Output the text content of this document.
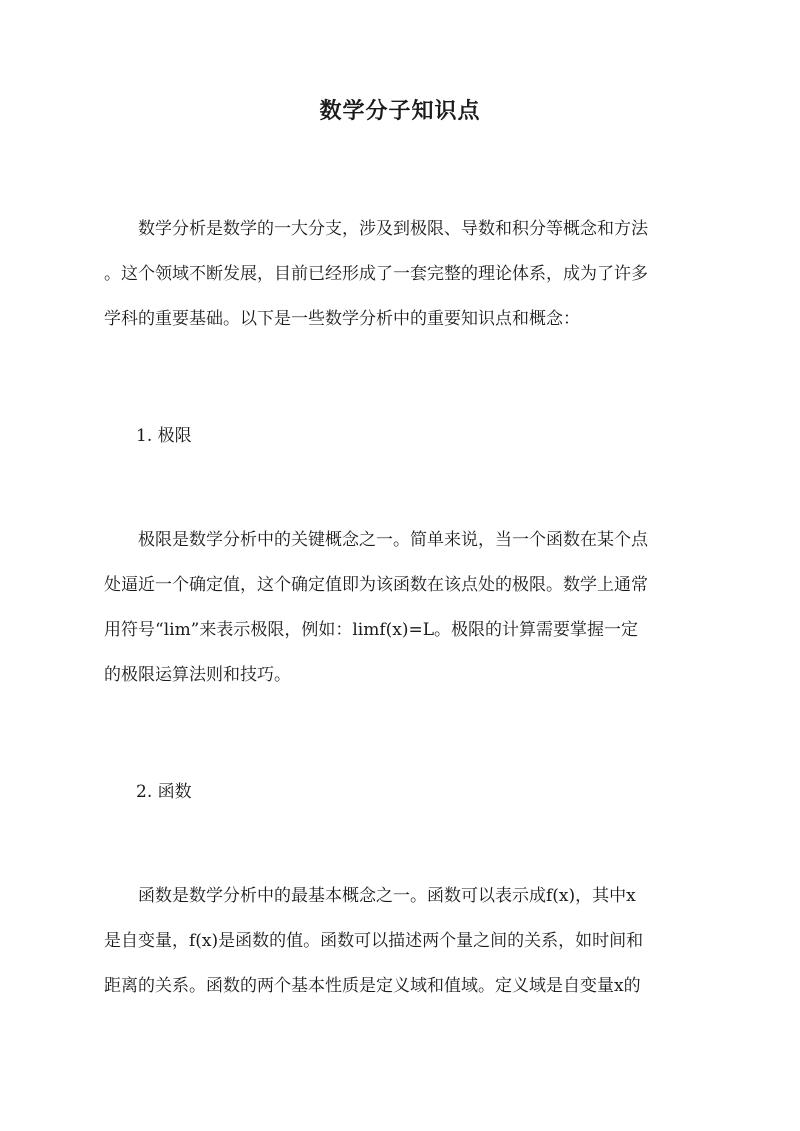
数学分子知识点

数学分析是数学的一大分支，涉及到极限、导数和积分等概念和方法
。这个领域不断发展，目前已经形成了一套完整的理论体系，成为了许多
学科的重要基础。以下是一些数学分析中的重要知识点和概念：

1. 极限

极限是数学分析中的关键概念之一。简单来说，当一个函数在某个点
处逼近一个确定值，这个确定值即为该函数在该点处的极限。数学上通常
用符号“lim”来表示极限，例如：limf(x)=L。极限的计算需要掌握一定
的极限运算法则和技巧。

2. 函数

函数是数学分析中的最基本概念之一。函数可以表示成f(x)，其中x
是自变量，f(x)是函数的值。函数可以描述两个量之间的关系，如时间和
距离的关系。函数的两个基本性质是定义域和值域。定义域是自变量x的
